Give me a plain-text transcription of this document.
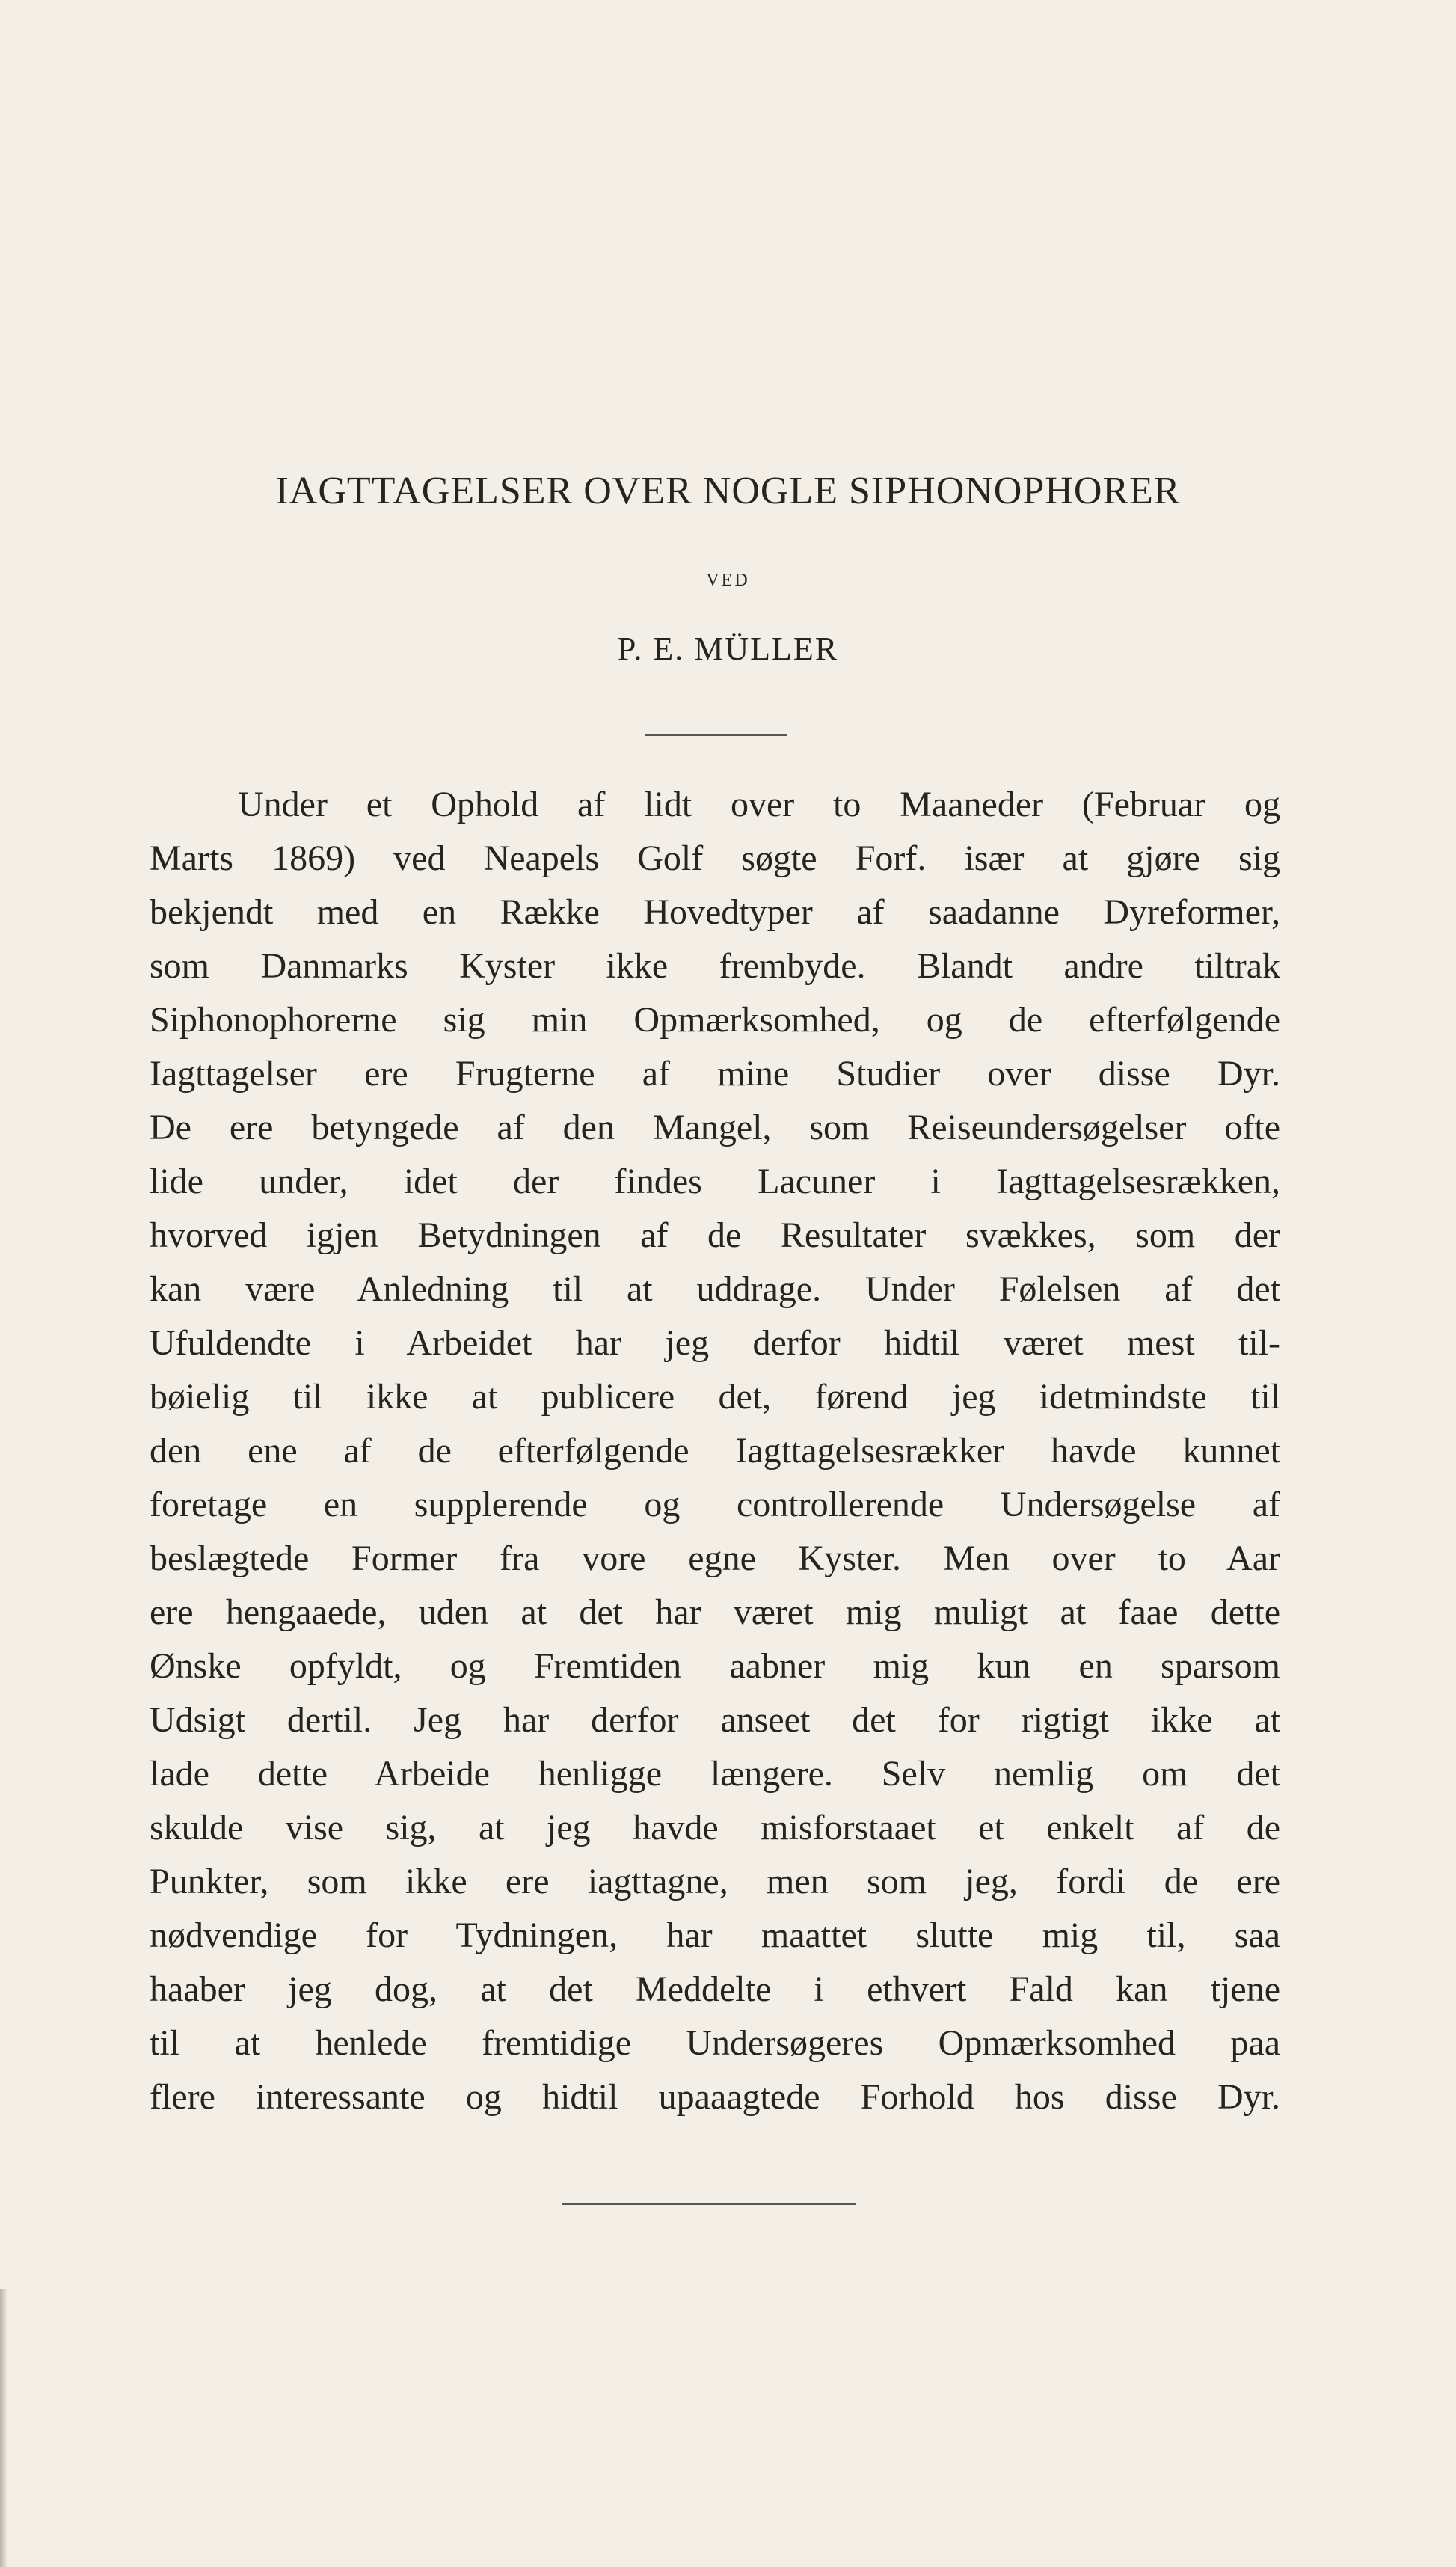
IAGTTAGELSER OVER NOGLE SIPHONOPHORER
VED
P. E. MÜLLER

Under et Ophold af lidt over to Maaneder (Februar og
Marts 1869) ved Neapels Golf søgte Forf. især at gjøre sig
bekjendt med en Række Hovedtyper af saadanne Dyreformer,
som Danmarks Kyster ikke frembyde. Blandt andre tiltrak
Siphonophorerne sig min Opmærksomhed, og de efterfølgende
Iagttagelser ere Frugterne af mine Studier over disse Dyr.
De ere betyngede af den Mangel, som Reiseundersøgelser ofte
lide under, idet der findes Lacuner i Iagttagelsesrækken,
hvorved igjen Betydningen af de Resultater svækkes, som der
kan være Anledning til at uddrage. Under Følelsen af det
Ufuldendte i Arbeidet har jeg derfor hidtil været mest til-
bøielig til ikke at publicere det, førend jeg idetmindste til
den ene af de efterfølgende Iagttagelsesrækker havde kunnet
foretage en supplerende og controllerende Undersøgelse af
beslægtede Former fra vore egne Kyster. Men over to Aar
ere hengaaede, uden at det har været mig muligt at faae dette
Ønske opfyldt, og Fremtiden aabner mig kun en sparsom
Udsigt dertil. Jeg har derfor anseet det for rigtigt ikke at
lade dette Arbeide henligge længere. Selv nemlig om det
skulde vise sig, at jeg havde misforstaaet et enkelt af de
Punkter, som ikke ere iagttagne, men som jeg, fordi de ere
nødvendige for Tydningen, har maattet slutte mig til, saa
haaber jeg dog, at det Meddelte i ethvert Fald kan tjene
til at henlede fremtidige Undersøgeres Opmærksomhed paa
flere interessante og hidtil upaaagtede Forhold hos disse Dyr.
